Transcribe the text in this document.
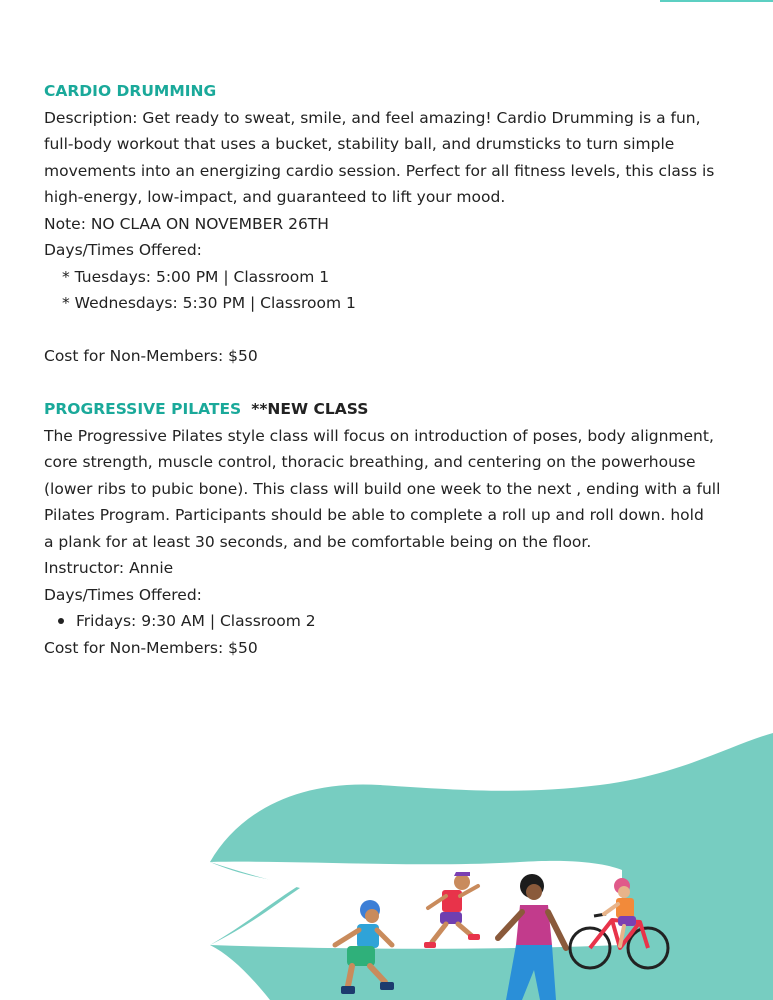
CARDIO DRUMMING
Description: Get ready to sweat, smile, and feel amazing! Cardio Drumming is a fun,
full-body workout that uses a bucket, stability ball, and drumsticks to turn simple
movements into an energizing cardio session. Perfect for all fitness levels, this class is
high-energy, low-impact, and guaranteed to lift your mood.
Note: NO CLAA ON NOVEMBER 26TH
Days/Times Offered:
* Tuesdays: 5:00 PM | Classroom 1
* Wednesdays: 5:30 PM | Classroom 1
Cost for Non-Members: $50
PROGRESSIVE PILATES **NEW CLASS
The Progressive Pilates style class will focus on introduction of poses, body alignment,
core strength, muscle control, thoracic breathing, and centering on the powerhouse
(lower ribs to pubic bone). This class will build one week to the next , ending with a full
Pilates Program. Participants should be able to complete a roll up and roll down. hold
a plank for at least 30 seconds, and be comfortable being on the floor.
Instructor: Annie
Days/Times Offered:
Fridays: 9:30 AM | Classroom 2
Cost for Non-Members: $50
